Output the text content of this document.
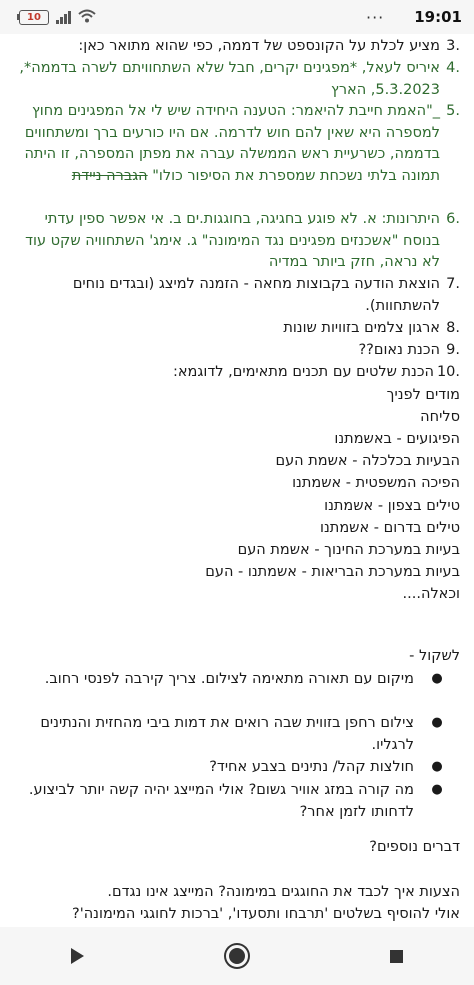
10	··· 19:01
.3
מציע לכלת על הקונספט של דממה, כפי שהוא מתואר כאן:
.4
איריס לעאל, *מפגינים יקרים, חבל שלא השתחוויתם לשרה בדממה*, 5.3.2023, הארץ
.5
_"האמת חייבת להיאמר: הטענה היחידה שיש לי אל המפגינים מחוץ למספרה היא שאין להם חוש לדרמה. אם היו כורעים ברך ומשתחווים בדממה, כשרעיית ראש הממשלה עברה את מפתן המספרה, זו היתה תמונה בלתי נשכחת שמספרת את הסיפור כולו" הגברה ניידת
.6
היתרונות: א. לא פוגע בחגיגה, בחוגגות.ים ב. אי אפשר ספין עדתי בנוסח "אשכנזים מפגינים נגד המימונה" ג. אימג' השתחוויה שקט עוד לא נראה, חזק ביותר במדיה
.7
הוצאת הודעה בקבוצות מחאה - הזמנה למיצג (ובגדים נוחים להשתחוות).
.8
ארגון צלמים בזוויות שונות
.9
הכנת נאום??
.10
הכנת שלטים עם תכנים מתאימים, לדוגמא:
מודים לפניך
סליחה
הפיגועים - באשמתנו
הבעיות בכלכלה - אשמת העם
הפיכה המשפטית - אשמתנו
טילים בצפון - אשמתנו
טילים בדרום - אשמתנו
בעיות במערכת החינוך - אשמת העם
בעיות במערכת הבריאות - אשמתנו - העם
וכאלה....
לשקול -
●
מיקום עם תאורה מתאימה לצילום. צריך קירבה לפנסי רחוב.
●
צילום רחפן בזווית שבה רואים את דמות ביבי מהחזית והנתינים לרגליו.
●
חולצות קהל/ נתינים בצבע אחיד?
●
מה קורה במזג אוויר גשום? אולי המייצג יהיה קשה יותר לביצוע. לדחותו לזמן אחר?
דברים נוספים?
הצעות איך לכבד את החוגגים במימונה? המייצג אינו נגדם.
אולי להוסיף בשלטים 'תרבחו ותסעדו', 'ברכות לחוגגי המימונה'?
